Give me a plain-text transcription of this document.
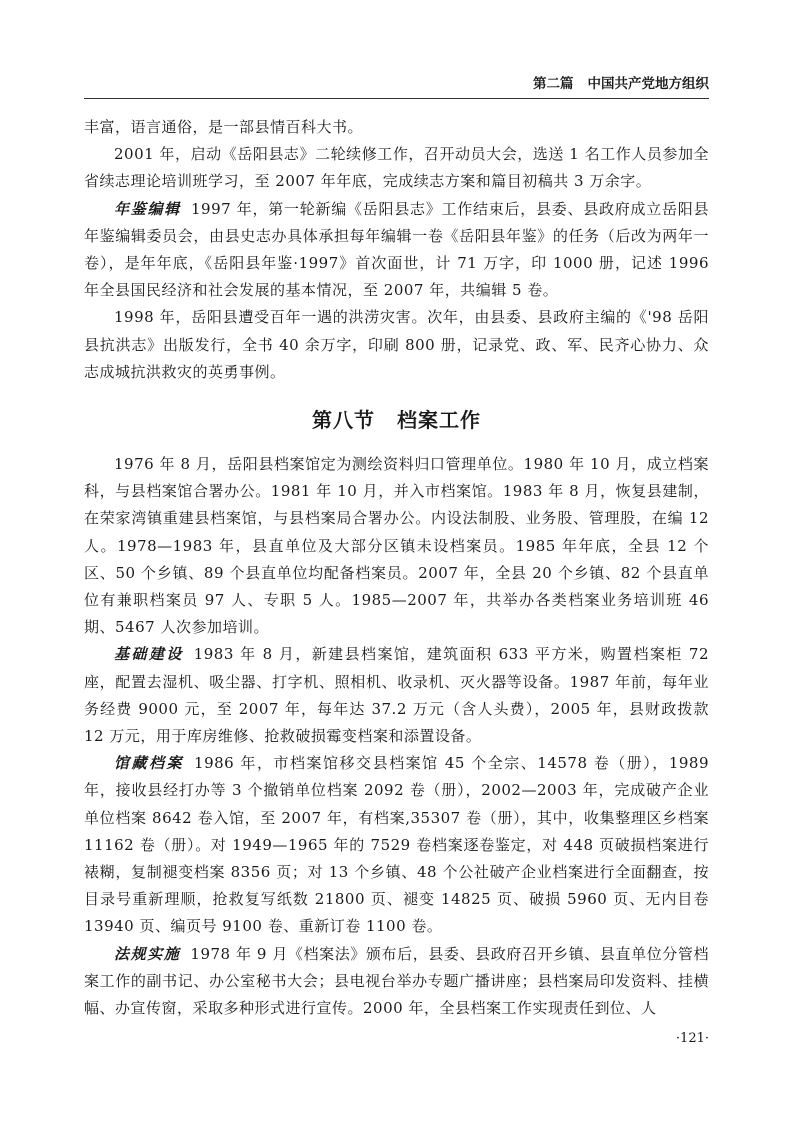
第二篇 中国共产党地方组织

丰富，语言通俗，是一部县情百科大书。

2001 年，启动《岳阳县志》二轮续修工作，召开动员大会，选送 1 名工作人员参加全省续志理论培训班学习，至 2007 年年底，完成续志方案和篇目初稿共 3 万余字。

年鉴编辑 1997 年，第一轮新编《岳阳县志》工作结束后，县委、县政府成立岳阳县年鉴编辑委员会，由县史志办具体承担每年编辑一卷《岳阳县年鉴》的任务（后改为两年一卷），是年年底，《岳阳县年鉴·1997》首次面世，计 71 万字，印 1000 册，记述 1996 年全县国民经济和社会发展的基本情况，至 2007 年，共编辑 5 卷。

1998 年，岳阳县遭受百年一遇的洪涝灾害。次年，由县委、县政府主编的《'98 岳阳县抗洪志》出版发行，全书 40 余万字，印刷 800 册，记录党、政、军、民齐心协力、众志成城抗洪救灾的英勇事例。

第八节 档案工作

1976 年 8 月，岳阳县档案馆定为测绘资料归口管理单位。1980 年 10 月，成立档案科，与县档案馆合署办公。1981 年 10 月，并入市档案馆。1983 年 8 月，恢复县建制，在荣家湾镇重建县档案馆，与县档案局合署办公。内设法制股、业务股、管理股，在编 12 人。1978—1983 年，县直单位及大部分区镇未设档案员。1985 年年底，全县 12 个区、50 个乡镇、89 个县直单位均配备档案员。2007 年，全县 20 个乡镇、82 个县直单位有兼职档案员 97 人、专职 5 人。1985—2007 年，共举办各类档案业务培训班 46 期、5467 人次参加培训。

基础建设 1983 年 8 月，新建县档案馆，建筑面积 633 平方米，购置档案柜 72 座，配置去湿机、吸尘器、打字机、照相机、收录机、灭火器等设备。1987 年前，每年业务经费 9000 元，至 2007 年，每年达 37.2 万元（含人头费），2005 年，县财政拨款 12 万元，用于库房维修、抢救破损霉变档案和添置设备。

馆藏档案 1986 年，市档案馆移交县档案馆 45 个全宗、14578 卷（册），1989 年，接收县经打办等 3 个撤销单位档案 2092 卷（册），2002—2003 年，完成破产企业单位档案 8642 卷入馆，至 2007 年，有档案,35307 卷（册），其中，收集整理区乡档案 11162 卷（册）。对 1949—1965 年的 7529 卷档案逐卷鉴定，对 448 页破损档案进行裱糊，复制褪变档案 8356 页；对 13 个乡镇、48 个公社破产企业档案进行全面翻查，按目录号重新理顺，抢救复写纸数 21800 页、褪变 14825 页、破损 5960 页、无内目卷 13940 页、编页号 9100 卷、重新订卷 1100 卷。

法规实施 1978 年 9 月《档案法》颁布后，县委、县政府召开乡镇、县直单位分管档案工作的副书记、办公室秘书大会；县电视台举办专题广播讲座；县档案局印发资料、挂横幅、办宣传窗，采取多种形式进行宣传。2000 年，全县档案工作实现责任到位、人

·121·
